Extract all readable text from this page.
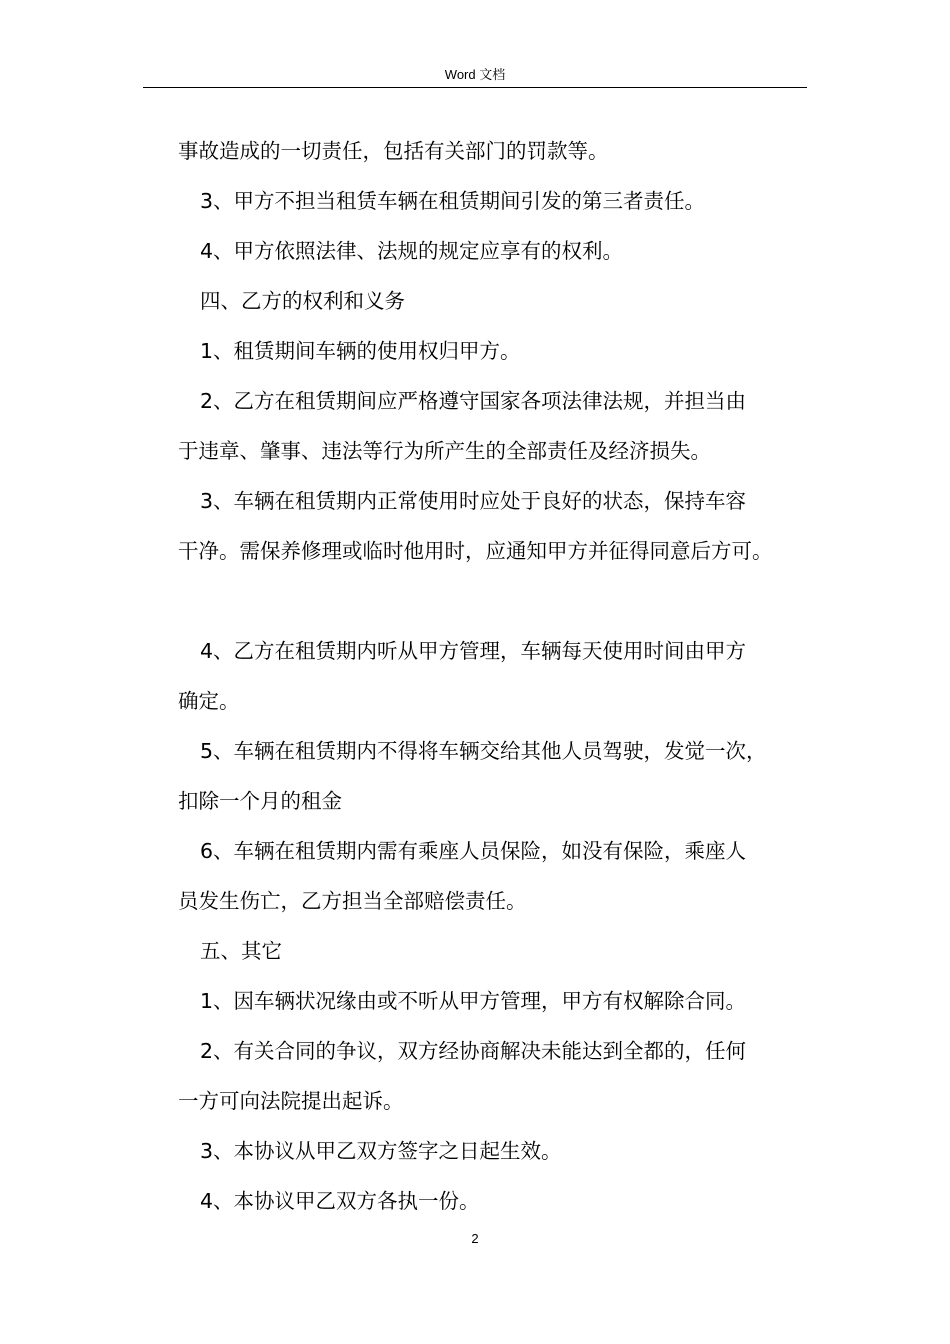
Word 文档
事故造成的一切责任，包括有关部门的罚款等。
3、甲方不担当租赁车辆在租赁期间引发的第三者责任。
4、甲方依照法律、法规的规定应享有的权利。
四、乙方的权利和义务
1、租赁期间车辆的使用权归甲方。
2、乙方在租赁期间应严格遵守国家各项法律法规，并担当由
于违章、肇事、违法等行为所产生的全部责任及经济损失。
3、车辆在租赁期内正常使用时应处于良好的状态，保持车容
干净。需保养修理或临时他用时，应通知甲方并征得同意后方可。
4、乙方在租赁期内听从甲方管理，车辆每天使用时间由甲方
确定。
5、车辆在租赁期内不得将车辆交给其他人员驾驶，发觉一次，
扣除一个月的租金
6、车辆在租赁期内需有乘座人员保险，如没有保险，乘座人
员发生伤亡，乙方担当全部赔偿责任。
五、其它
1、因车辆状况缘由或不听从甲方管理，甲方有权解除合同。
2、有关合同的争议，双方经协商解决未能达到全都的，任何
一方可向法院提出起诉。
3、本协议从甲乙双方签字之日起生效。
4、本协议甲乙双方各执一份。
2
